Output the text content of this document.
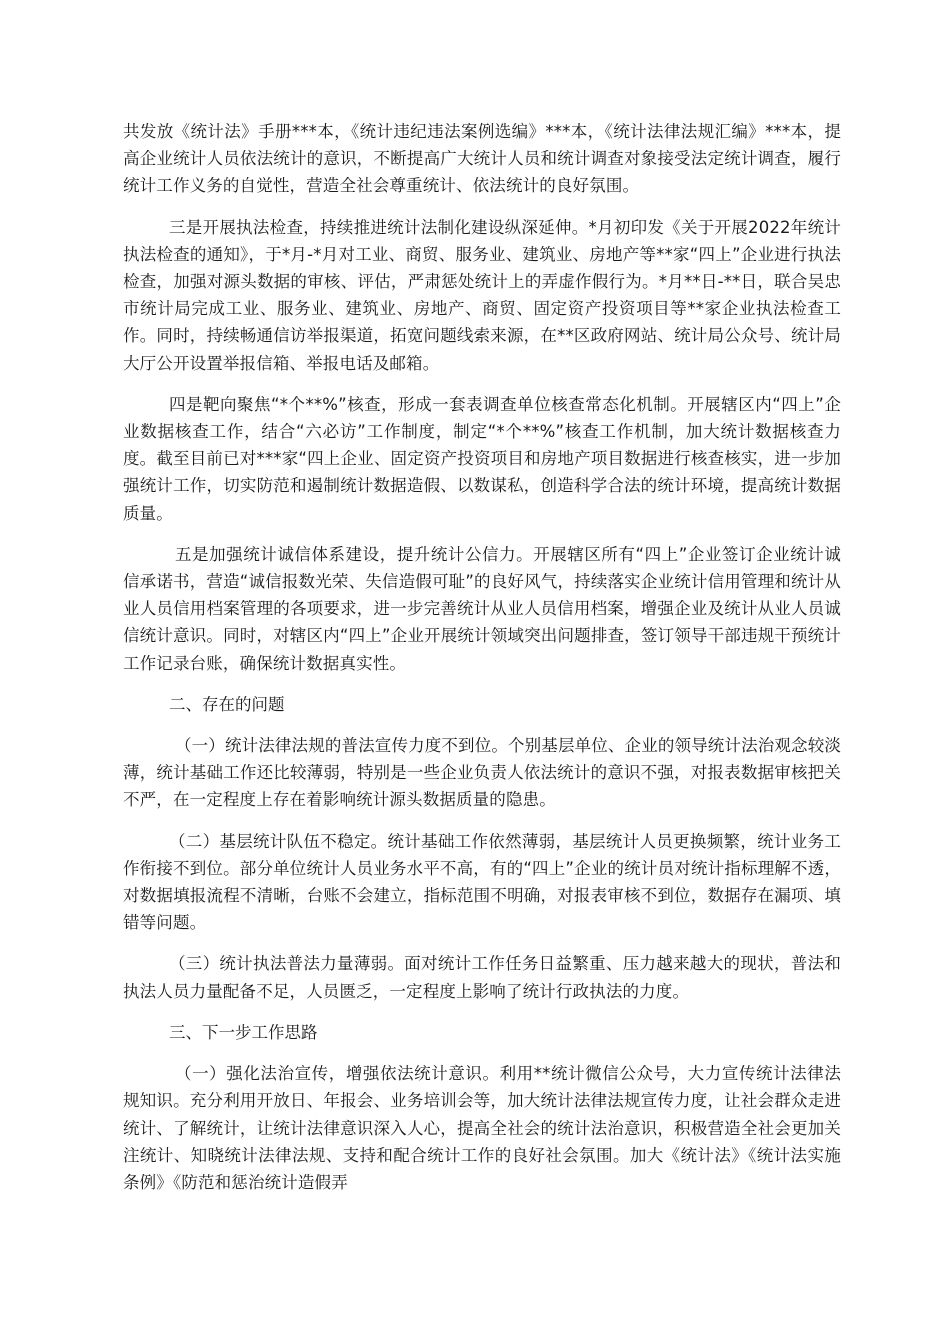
共发放《统计法》手册***本，《统计违纪违法案例选编》***本，《统计法律法规汇编》***本，提高企业统计人员依法统计的意识，不断提高广大统计人员和统计调查对象接受法定统计调查，履行统计工作义务的自觉性，营造全社会尊重统计、依法统计的良好氛围。

三是开展执法检查，持续推进统计法制化建设纵深延伸。*月初印发《关于开展2022年统计执法检查的通知》，于*月-*月对工业、商贸、服务业、建筑业、房地产等**家“四上”企业进行执法检查，加强对源头数据的审核、评估，严肃惩处统计上的弄虚作假行为。*月**日-**日，联合吴忠市统计局完成工业、服务业、建筑业、房地产、商贸、固定资产投资项目等**家企业执法检查工作。同时，持续畅通信访举报渠道，拓宽问题线索来源，在**区政府网站、统计局公众号、统计局大厅公开设置举报信箱、举报电话及邮箱。

四是靶向聚焦“*个**%”核查，形成一套表调查单位核查常态化机制。开展辖区内“四上”企业数据核查工作，结合“六必访”工作制度，制定“*个**%”核查工作机制，加大统计数据核查力度。截至目前已对***家“四上企业、固定资产投资项目和房地产项目数据进行核查核实，进一步加强统计工作，切实防范和遏制统计数据造假、以数谋私，创造科学合法的统计环境，提高统计数据质量。

五是加强统计诚信体系建设，提升统计公信力。开展辖区所有“四上”企业签订企业统计诚信承诺书，营造“诚信报数光荣、失信造假可耻”的良好风气，持续落实企业统计信用管理和统计从业人员信用档案管理的各项要求，进一步完善统计从业人员信用档案，增强企业及统计从业人员诚信统计意识。同时，对辖区内“四上”企业开展统计领域突出问题排查，签订领导干部违规干预统计工作记录台账，确保统计数据真实性。

二、存在的问题

（一）统计法律法规的普法宣传力度不到位。个别基层单位、企业的领导统计法治观念较淡薄，统计基础工作还比较薄弱，特别是一些企业负责人依法统计的意识不强，对报表数据审核把关不严，在一定程度上存在着影响统计源头数据质量的隐患。

（二）基层统计队伍不稳定。统计基础工作依然薄弱，基层统计人员更换频繁，统计业务工作衔接不到位。部分单位统计人员业务水平不高，有的“四上”企业的统计员对统计指标理解不透，对数据填报流程不清晰，台账不会建立，指标范围不明确，对报表审核不到位，数据存在漏项、填错等问题。

（三）统计执法普法力量薄弱。面对统计工作任务日益繁重、压力越来越大的现状，普法和执法人员力量配备不足，人员匮乏，一定程度上影响了统计行政执法的力度。

三、下一步工作思路

（一）强化法治宣传，增强依法统计意识。利用**统计微信公众号，大力宣传统计法律法规知识。充分利用开放日、年报会、业务培训会等，加大统计法律法规宣传力度，让社会群众走进统计、了解统计，让统计法律意识深入人心，提高全社会的统计法治意识，积极营造全社会更加关注统计、知晓统计法律法规、支持和配合统计工作的良好社会氛围。加大《统计法》《统计法实施条例》《防范和惩治统计造假弄
